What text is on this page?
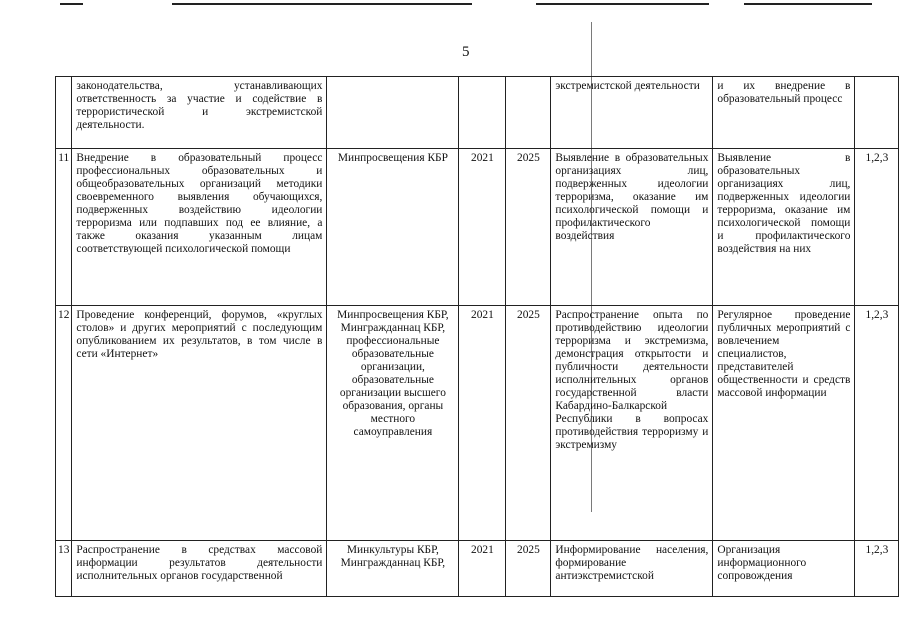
5
	законодательства, устанавливающих ответственность за участие и содействие в террористической и экстремистской деятельности.				экстремистской деятельности	и их внедрение в образовательный процесс	
11	Внедрение в образовательный процесс профессиональных образовательных и общеобразовательных организаций методики своевременного выявления обучающихся, подверженных воздействию идеологии терроризма или подпавших под ее влияние, а также оказания указанным лицам соответствующей психологической помощи	Минпросвещения КБР	2021	2025	Выявление в образовательных организациях лиц, подверженных идеологии терроризма, оказание им психологической помощи и профилактического воздействия	Выявление в образовательных организациях лиц, подверженных идеологии терроризма, оказание им психологической помощи и профилактического воздействия на них	1,2,3
12	Проведение конференций, форумов, «круглых столов» и других мероприятий с последующим опубликованием их результатов, в том числе в сети «Интернет»	Минпросвещения КБР, Мингражданнац КБР, профессиональные образовательные организации, образовательные организации высшего образования, органы местного самоуправления	2021	2025	Распространение опыта по противодействию идеологии терроризма и экстремизма, демонстрация открытости и публичности деятельности исполнительных органов государственной власти Кабардино-Балкарской Республики в вопросах противодействия терроризму и экстремизму	Регулярное проведение публичных мероприятий с вовлечением специалистов, представителей общественности и средств массовой информации	1,2,3
13	Распространение в средствах массовой информации результатов деятельности исполнительных органов государственной	Минкультуры КБР, Мингражданнац КБР,	2021	2025	Информирование населения, формирование антиэкстремистской	Организация информационного сопровождения	1,2,3
